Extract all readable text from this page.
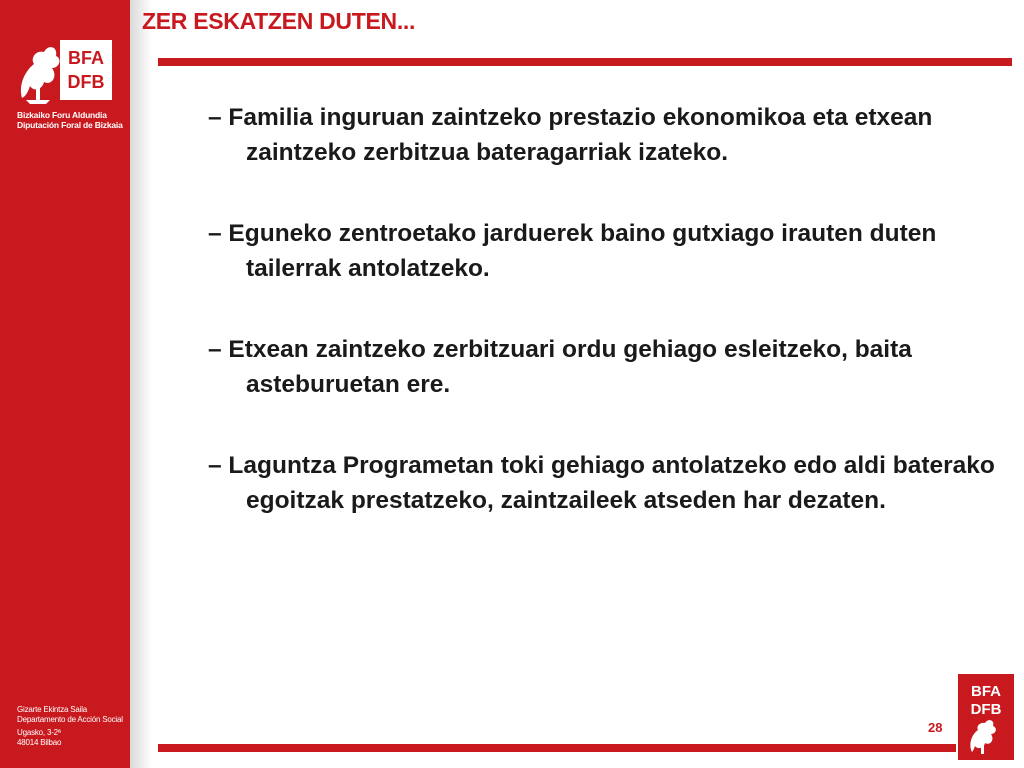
BFA
DFB
Bizkaiko Foru Aldundia
Diputación Foral de Bizkaia
Gizarte Ekintza Saila
Departamento de Acción Social
Ugasko, 3-2ª
48014 Bilbao
ZER ESKATZEN DUTEN...
– Familia inguruan zaintzeko prestazio ekonomikoa eta etxean zaintzeko zerbitzua bateragarriak izateko.
– Eguneko zentroetako jarduerek baino gutxiago irauten duten tailerrak antolatzeko.
– Etxean zaintzeko zerbitzuari ordu gehiago esleitzeko, baita asteburuetan ere.
– Laguntza Programetan toki gehiago antolatzeko edo aldi baterako egoitzak prestatzeko, zaintzaileek atseden har dezaten.
28
BFA
DFB
